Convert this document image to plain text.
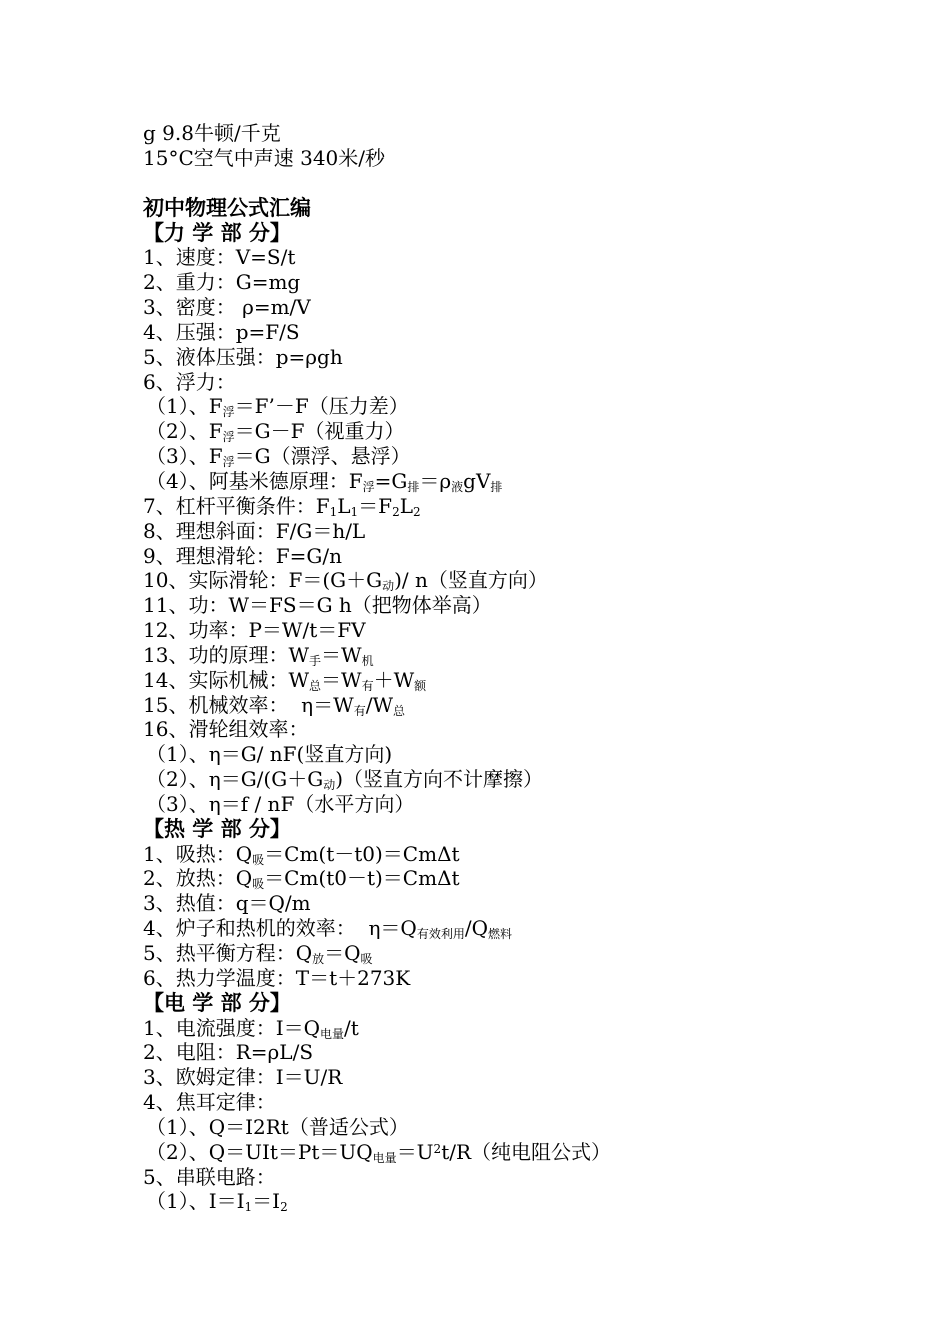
g 9.8牛顿/千克
15°C空气中声速 340米/秒
初中物理公式汇编
【力 学 部 分】
1、速度：V=S/t
2、重力：G=mg
3、密度： ρ=m/V
4、压强：p=F/S
5、液体压强：p=ρgh
6、浮力：
（1）、$F_浮=F’-F$（压力差）
（2）、$F_浮=G-F$（视重力）
（3）、$F_浮=G$（漂浮、悬浮）
（4）、阿基米德原理：$F_浮=G_排=\rho_液gV_排$
7、杠杆平衡条件：$F_1L_1=F_2L_2$
8、理想斜面：F/G＝h/L
9、理想滑轮：F=G/n
10、实际滑轮：$F=(G+G_动)/$ n（竖直方向）
11、功：W＝FS＝G h（把物体举高）
12、功率：P＝W/t＝FV
13、功的原理：$W_手=W_机$
14、实际机械：$W_总=W_有+W_额$
15、机械效率：  $\eta=W_有/W_总$
16、滑轮组效率：
（1）、η＝G/ nF(竖直方向)
（2）、$\eta=G/(G+G_动)$（竖直方向不计摩擦）
（3）、η＝f / nF（水平方向）
【热 学 部 分】
1、吸热：$Q_吸=Cm(t-t0)=Cm\Delta t$
2、放热：$Q_吸=Cm(t0-t)=Cm\Delta t$
3、热值：q＝Q/m
4、炉子和热机的效率：  $\eta=Q_{有效利用}/Q_{燃料}$
5、热平衡方程：$Q_放=Q_吸$
6、热力学温度：T＝t＋273K
【电 学 部 分】
1、电流强度：$I=Q_{电量}/t$
2、电阻：R=ρL/S
3、欧姆定律：I＝U/R
4、焦耳定律：
（1）、Q＝I2Rt（普适公式）
（2）、$Q=UIt=Pt=UQ_{电量}=U^2t/R$（纯电阻公式）
5、串联电路：
（1）、$I=I_1=I_2$
